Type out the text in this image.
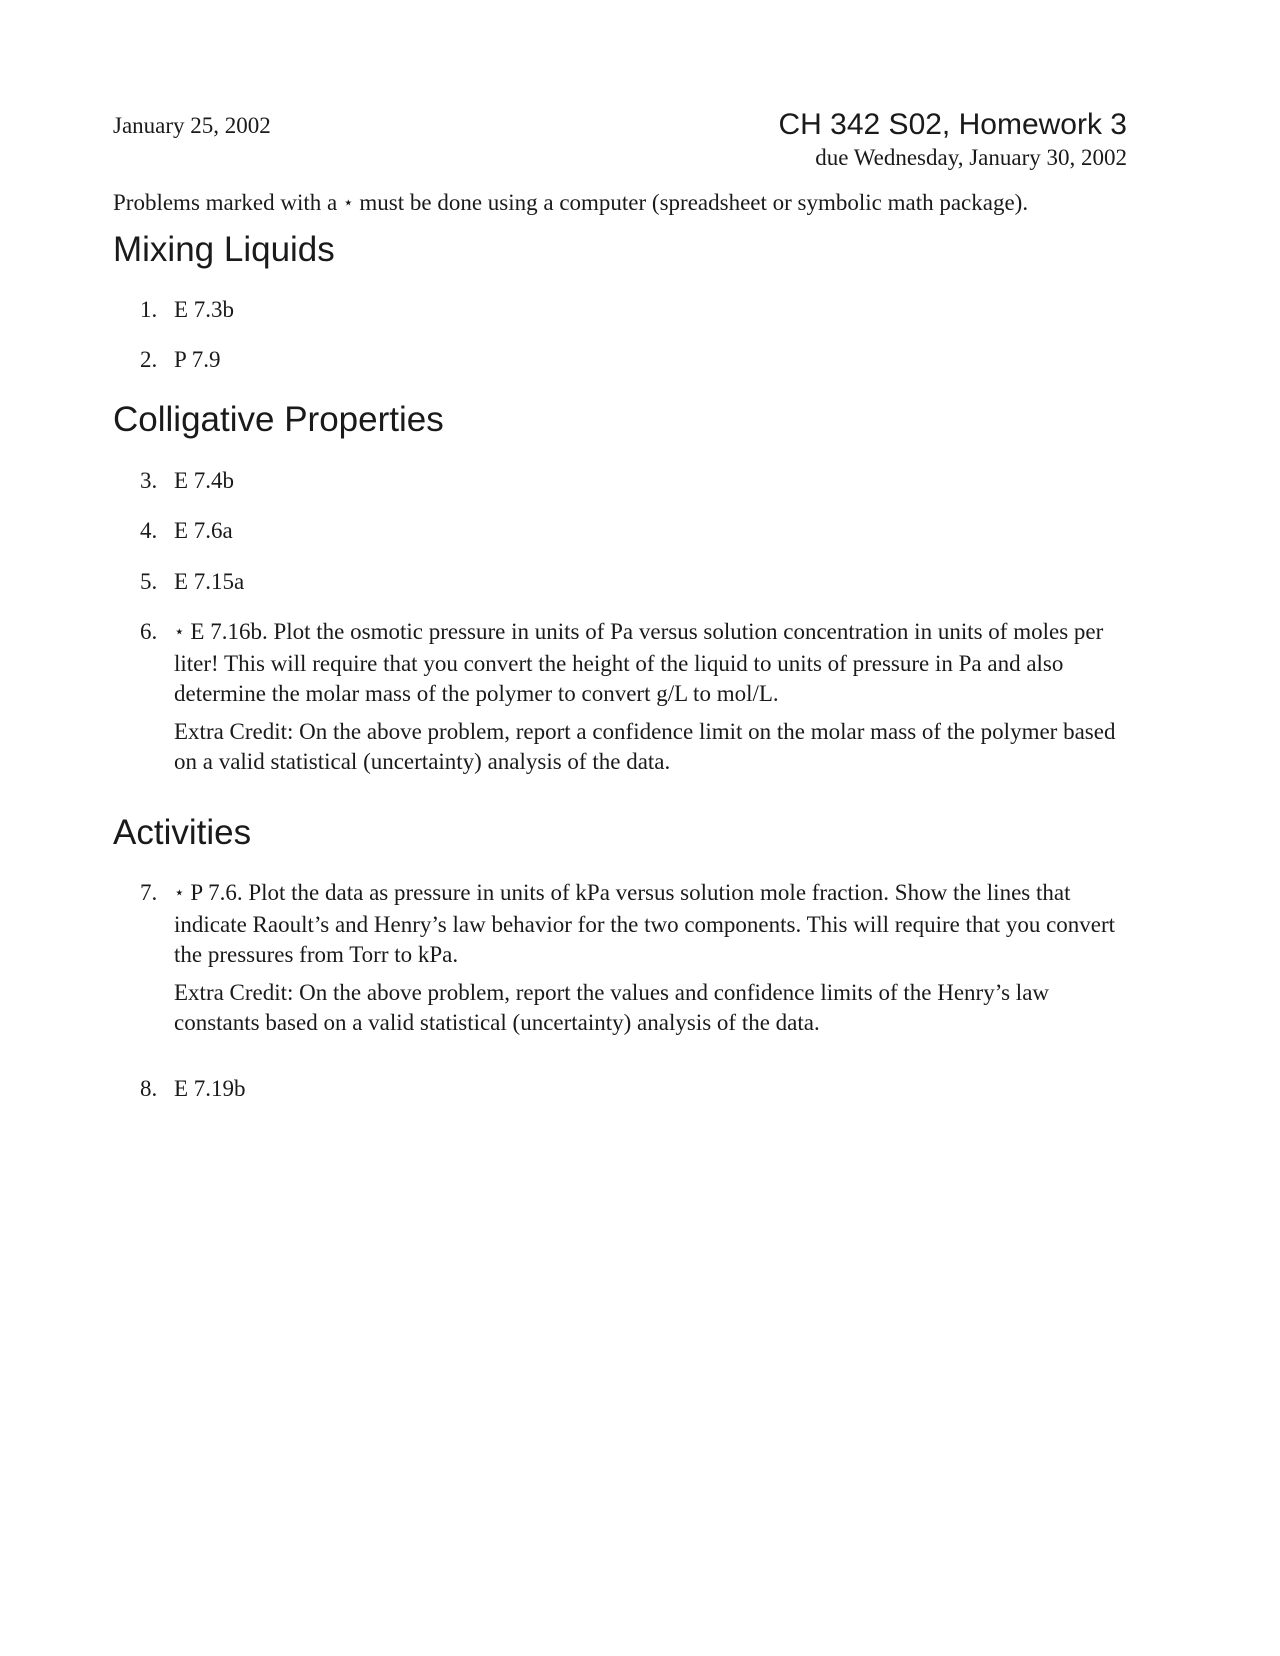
January 25, 2002	CH 342 S02, Homework 3
due Wednesday, January 30, 2002
Problems marked with a ⋆ must be done using a computer (spreadsheet or symbolic math package).
Mixing Liquids
1. E 7.3b
2. P 7.9
Colligative Properties
3. E 7.4b
4. E 7.6a
5. E 7.15a
6. ⋆ E 7.16b. Plot the osmotic pressure in units of Pa versus solution concentration in units of moles per liter! This will require that you convert the height of the liquid to units of pressure in Pa and also determine the molar mass of the polymer to convert g/L to mol/L.
Extra Credit: On the above problem, report a confidence limit on the molar mass of the polymer based on a valid statistical (uncertainty) analysis of the data.
Activities
7. ⋆ P 7.6. Plot the data as pressure in units of kPa versus solution mole fraction. Show the lines that indicate Raoult’s and Henry’s law behavior for the two components. This will require that you convert the pressures from Torr to kPa.
Extra Credit: On the above problem, report the values and confidence limits of the Henry’s law constants based on a valid statistical (uncertainty) analysis of the data.
8. E 7.19b
